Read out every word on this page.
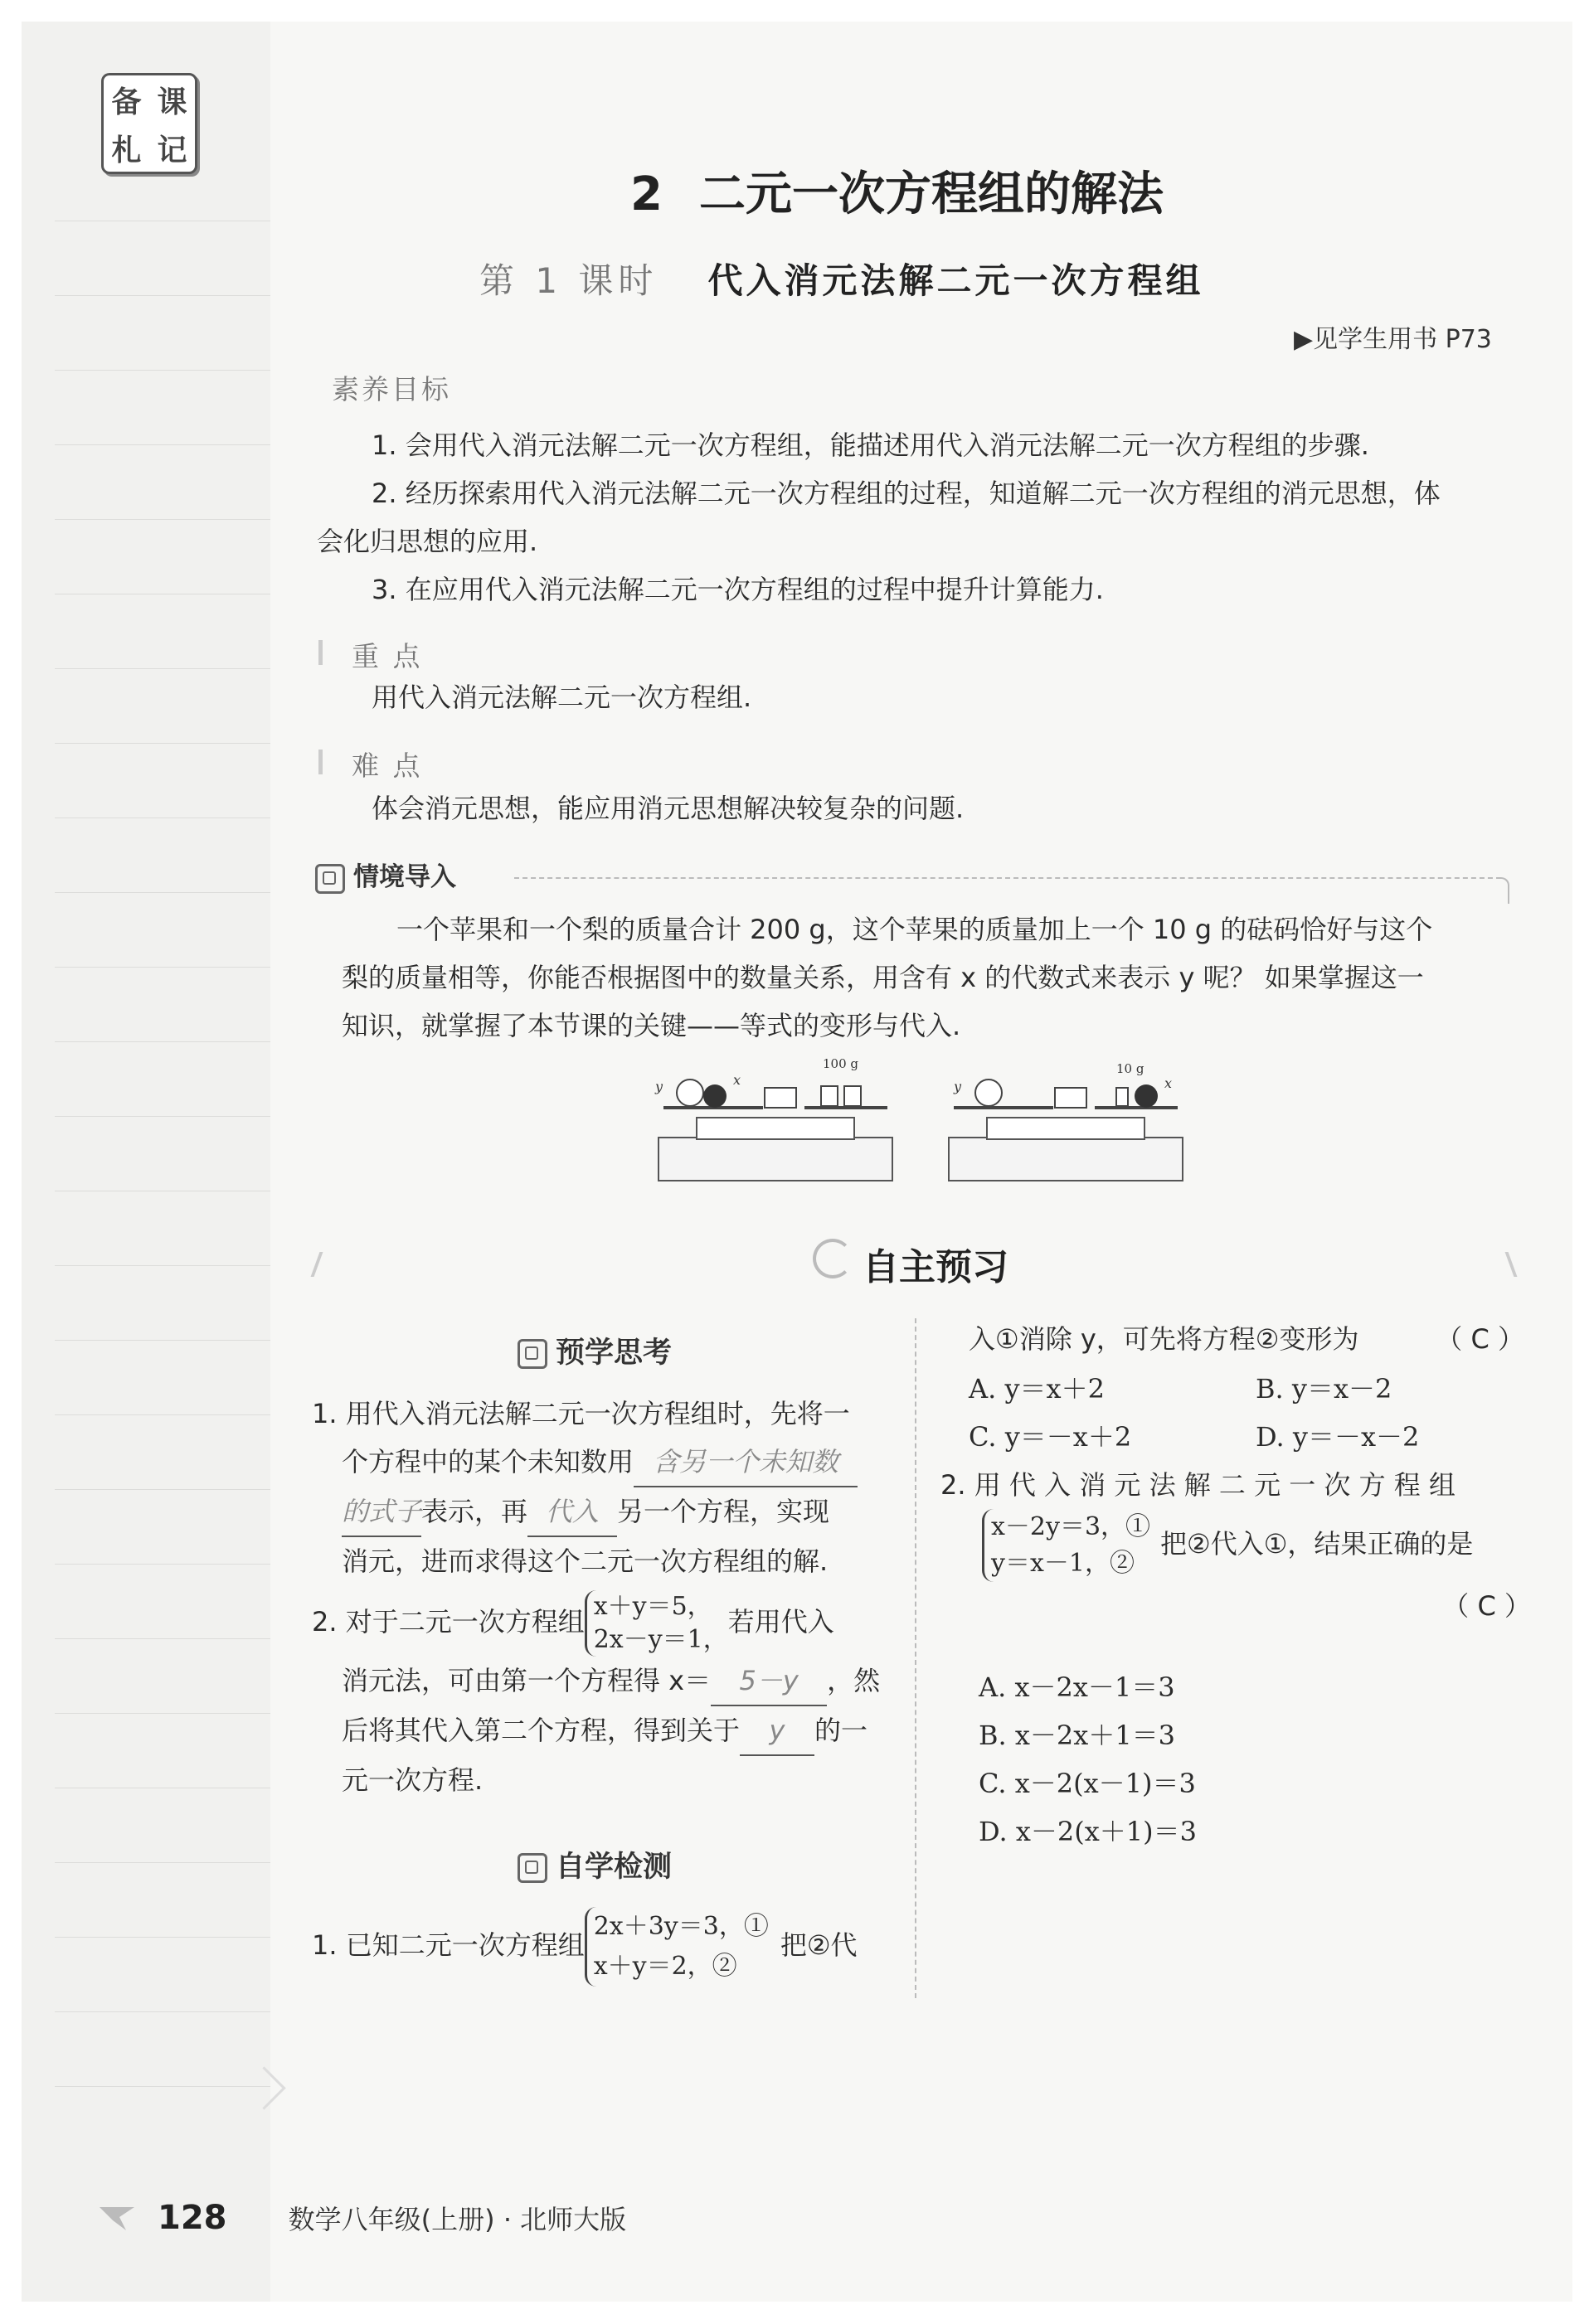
备 课
札 记
2 二元一次方程组的解法
第 1 课时 代入消元法解二元一次方程组
▶见学生用书 P73
素养目标
1. 会用代入消元法解二元一次方程组，能描述用代入消元法解二元一次方程组的步骤.
2. 经历探索用代入消元法解二元一次方程组的过程，知道解二元一次方程组的消元思想，体
会化归思想的应用.
3. 在应用代入消元法解二元一次方程组的过程中提升计算能力.
重 点
用代入消元法解二元一次方程组.
难 点
体会消元思想，能应用消元思想解决较复杂的问题.
情境导入
一个苹果和一个梨的质量合计 200 g，这个苹果的质量加上一个 10 g 的砝码恰好与这个
梨的质量相等，你能否根据图中的数量关系，用含有 x 的代数式来表示 y 呢？ 如果掌握这一
知识，就掌握了本节课的关键——等式的变形与代入.
y	x
100 g
y	x
10 g
自主预习
预学思考
1. 用代入消元法解二元一次方程组时，先将一
个方程中的某个未知数用 含另一个未知数
的式子表示，再 代入 另一个方程，实现
消元，进而求得这个二元一次方程组的解.
2. 对于二元一次方程组 x＋y＝5，
2x－y＝1，
若用代入
消元法，可由第一个方程得 x＝ 5－y ，然
后将其代入第二个方程，得到关于 y 的一
元一次方程.
自学检测
1. 已知二元一次方程组
2x＋3y＝3，①
x＋y＝2，②
把②代
入①消除 y，可先将方程②变形为	（ C ）
A. y＝x＋2	B. y＝x－2
C. y＝－x＋2	D. y＝－x－2
2. 用 代 入 消 元 法 解 二 元 一 次 方 程 组
x－2y＝3，①
y＝x－1，②
把②代入①，结果正确的是
（ C ）
A. x－2x－1＝3
B. x－2x＋1＝3
C. x－2(x－1)＝3
D. x－2(x＋1)＝3
128 数学八年级(上册) · 北师大版
